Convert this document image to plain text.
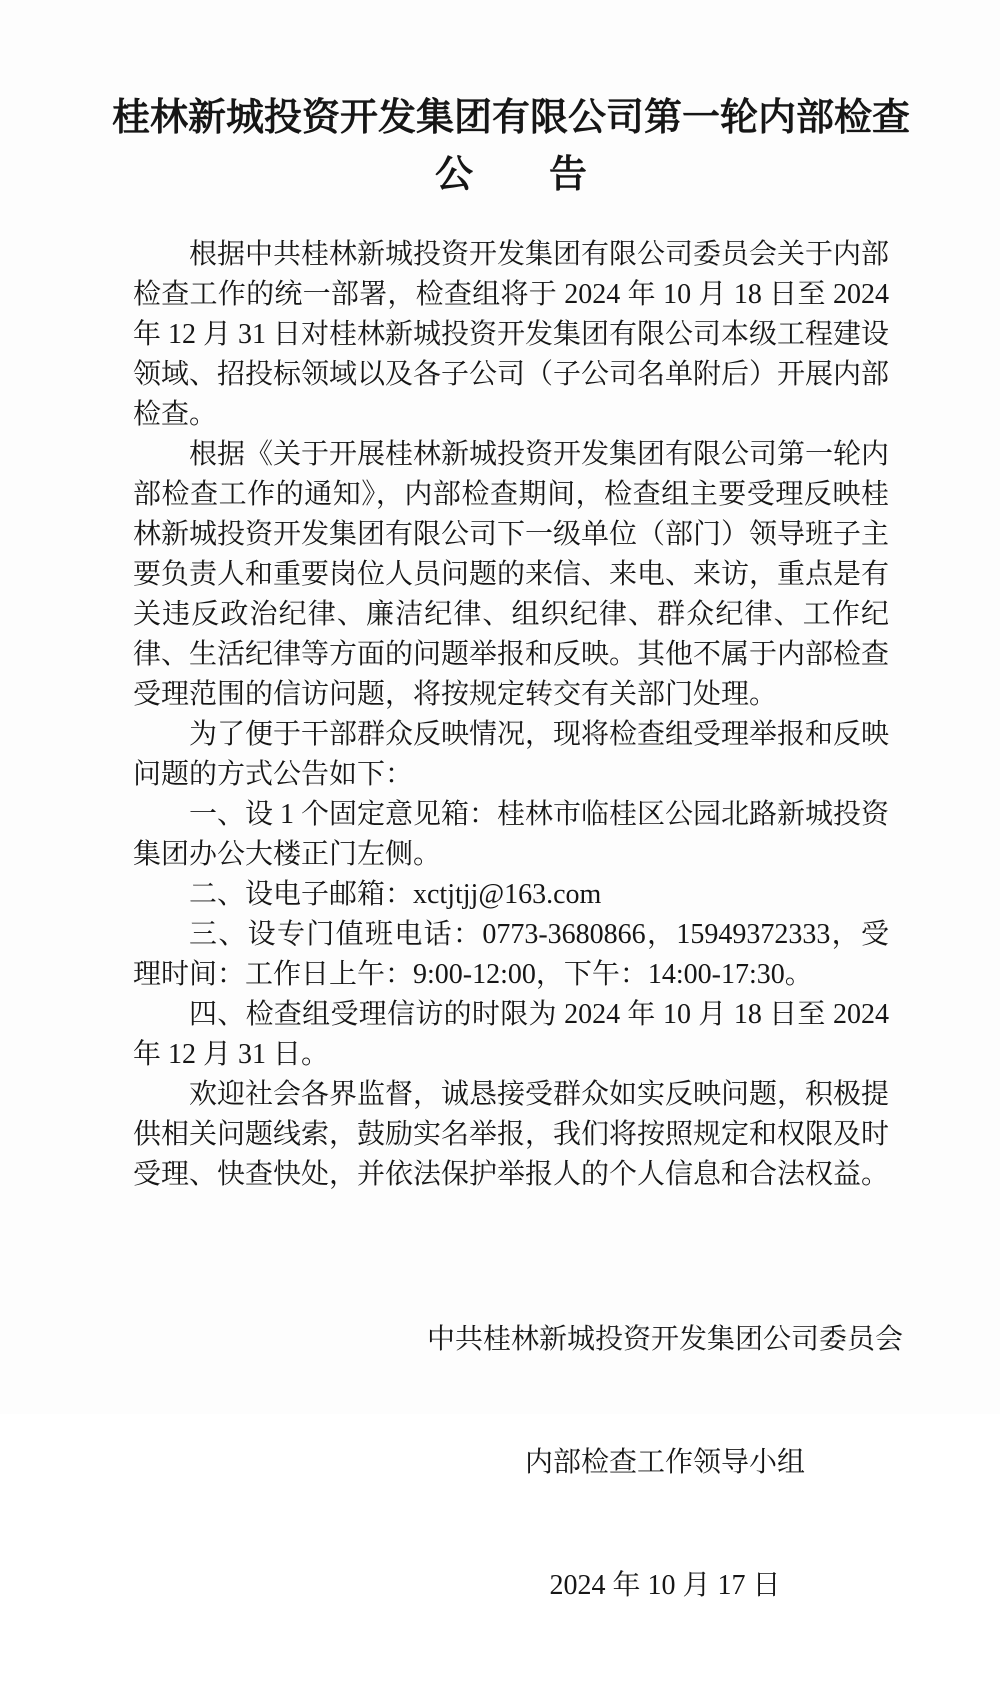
桂林新城投资开发集团有限公司第一轮内部检查
公　　告

根据中共桂林新城投资开发集团有限公司委员会关于内部检查工作的统一部署，检查组将于 2024 年 10 月 18 日至 2024 年 12 月 31 日对桂林新城投资开发集团有限公司本级工程建设领域、招投标领域以及各子公司（子公司名单附后）开展内部检查。

根据《关于开展桂林新城投资开发集团有限公司第一轮内部检查工作的通知》，内部检查期间，检查组主要受理反映桂林新城投资开发集团有限公司下一级单位（部门）领导班子主要负责人和重要岗位人员问题的来信、来电、来访，重点是有关违反政治纪律、廉洁纪律、组织纪律、群众纪律、工作纪律、生活纪律等方面的问题举报和反映。其他不属于内部检查受理范围的信访问题，将按规定转交有关部门处理。

为了便于干部群众反映情况，现将检查组受理举报和反映问题的方式公告如下：

一、设 1 个固定意见箱：桂林市临桂区公园北路新城投资集团办公大楼正门左侧。

二、设电子邮箱：xctjtjj@163.com

三、设专门值班电话：0773-3680866，15949372333，受理时间：工作日上午：9:00-12:00，下午：14:00-17:30。

四、检查组受理信访的时限为 2024 年 10 月 18 日至 2024 年 12 月 31 日。

欢迎社会各界监督，诚恳接受群众如实反映问题，积极提供相关问题线索，鼓励实名举报，我们将按照规定和权限及时受理、快查快处，并依法保护举报人的个人信息和合法权益。

中共桂林新城投资开发集团公司委员会

内部检查工作领导小组

2024 年 10 月 17 日
